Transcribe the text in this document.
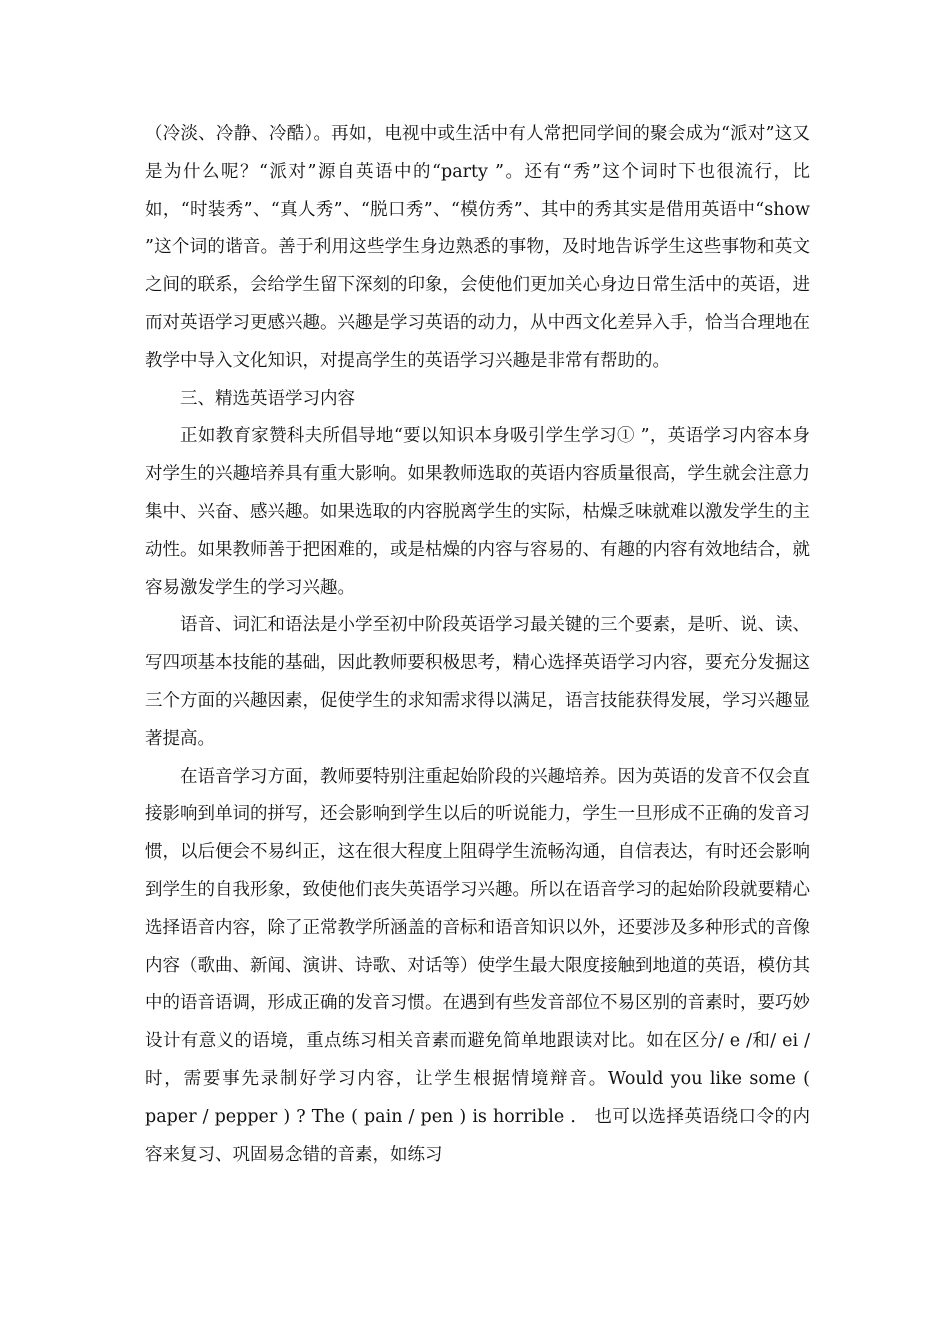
（冷淡、冷静、冷酷）。再如，电视中或生活中有人常把同学间的聚会成为“派对”这又是为什么呢？“派对”源自英语中的“party ”。还有“秀”这个词时下也很流行，比如，“时装秀”、“真人秀”、“脱口秀”、“模仿秀”、其中的秀其实是借用英语中“show ”这个词的谐音。善于利用这些学生身边熟悉的事物，及时地告诉学生这些事物和英文之间的联系，会给学生留下深刻的印象，会使他们更加关心身边日常生活中的英语，进而对英语学习更感兴趣。兴趣是学习英语的动力，从中西文化差异入手，恰当合理地在教学中导入文化知识，对提高学生的英语学习兴趣是非常有帮助的。

三、精选英语学习内容

正如教育家赞科夫所倡导地“要以知识本身吸引学生学习① ”，英语学习内容本身对学生的兴趣培养具有重大影响。如果教师选取的英语内容质量很高，学生就会注意力集中、兴奋、感兴趣。如果选取的内容脱离学生的实际，枯燥乏味就难以激发学生的主动性。如果教师善于把困难的，或是枯燥的内容与容易的、有趣的内容有效地结合，就容易激发学生的学习兴趣。

语音、词汇和语法是小学至初中阶段英语学习最关键的三个要素，是听、说、读、写四项基本技能的基础，因此教师要积极思考，精心选择英语学习内容，要充分发掘这三个方面的兴趣因素，促使学生的求知需求得以满足，语言技能获得发展，学习兴趣显著提高。

在语音学习方面，教师要特别注重起始阶段的兴趣培养。因为英语的发音不仅会直接影响到单词的拼写，还会影响到学生以后的听说能力，学生一旦形成不正确的发音习惯，以后便会不易纠正，这在很大程度上阻碍学生流畅沟通，自信表达，有时还会影响到学生的自我形象，致使他们丧失英语学习兴趣。所以在语音学习的起始阶段就要精心选择语音内容，除了正常教学所涵盖的音标和语音知识以外，还要涉及多种形式的音像内容（歌曲、新闻、演讲、诗歌、对话等）使学生最大限度接触到地道的英语，模仿其中的语音语调，形成正确的发音习惯。在遇到有些发音部位不易区别的音素时，要巧妙设计有意义的语境，重点练习相关音素而避免简单地跟读对比。如在区分/ e /和/ ei /时，需要事先录制好学习内容，让学生根据情境辩音。Would you like some ( paper / pepper ) ? The ( pain / pen ) is horrible ． 也可以选择英语绕口令的内容来复习、巩固易念错的音素，如练习
